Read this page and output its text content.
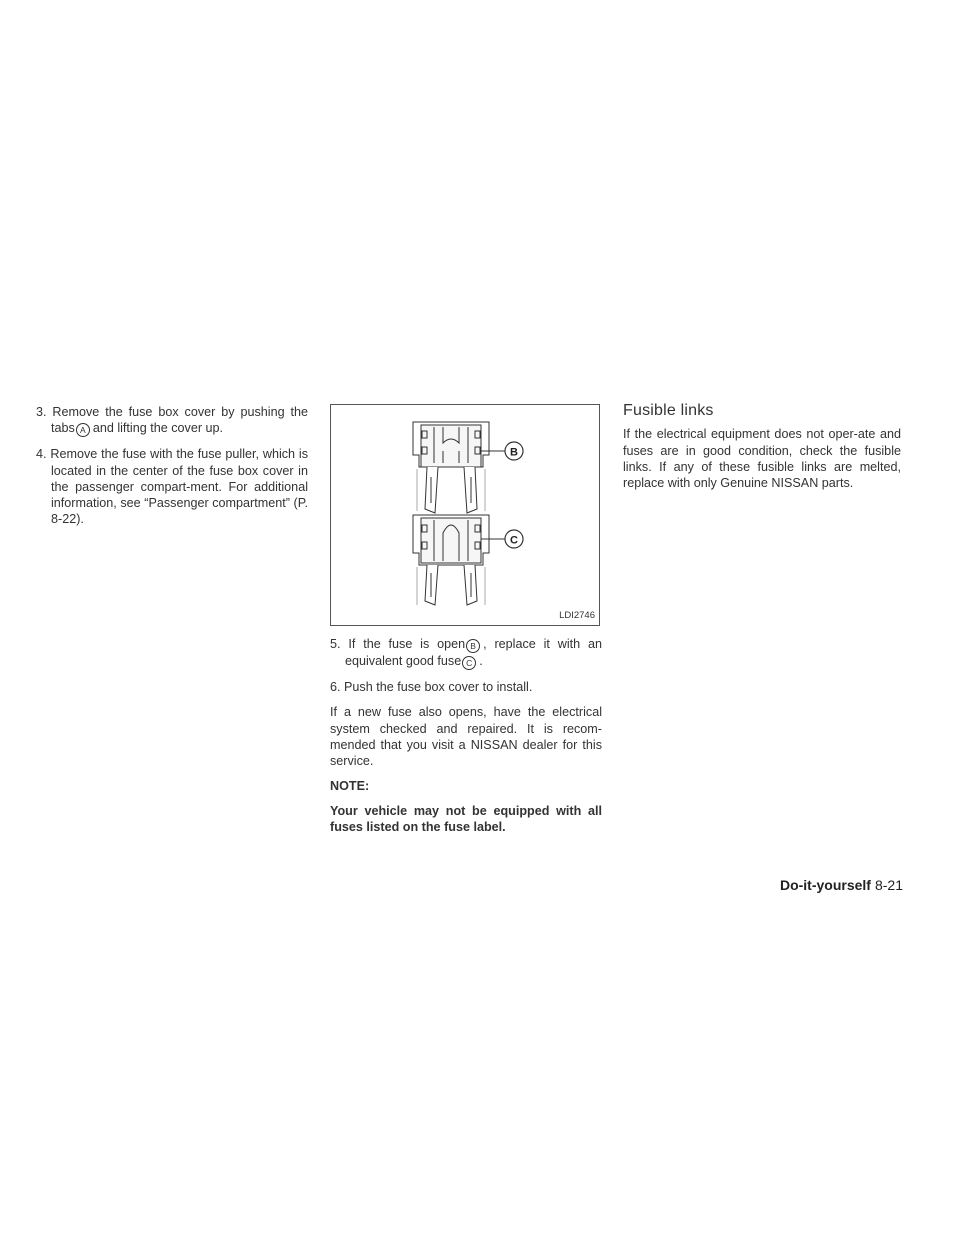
3. Remove the fuse box cover by pushing the tabs A and lifting the cover up.

4. Remove the fuse with the fuse puller, which is located in the center of the fuse box cover in the passenger compart-ment. For additional information, see “Passenger compartment” (P. 8-22).

B
C
LDI2746

5. If the fuse is open B , replace it with an equivalent good fuse C .

6. Push the fuse box cover to install.

If a new fuse also opens, have the electrical system checked and repaired. It is recom-mended that you visit a NISSAN dealer for this service.

NOTE:

Your vehicle may not be equipped with all fuses listed on the fuse label.

Fusible links

If the electrical equipment does not oper-ate and fuses are in good condition, check the fusible links. If any of these fusible links are melted, replace with only Genuine NISSAN parts.

Do-it-yourself 8-21
